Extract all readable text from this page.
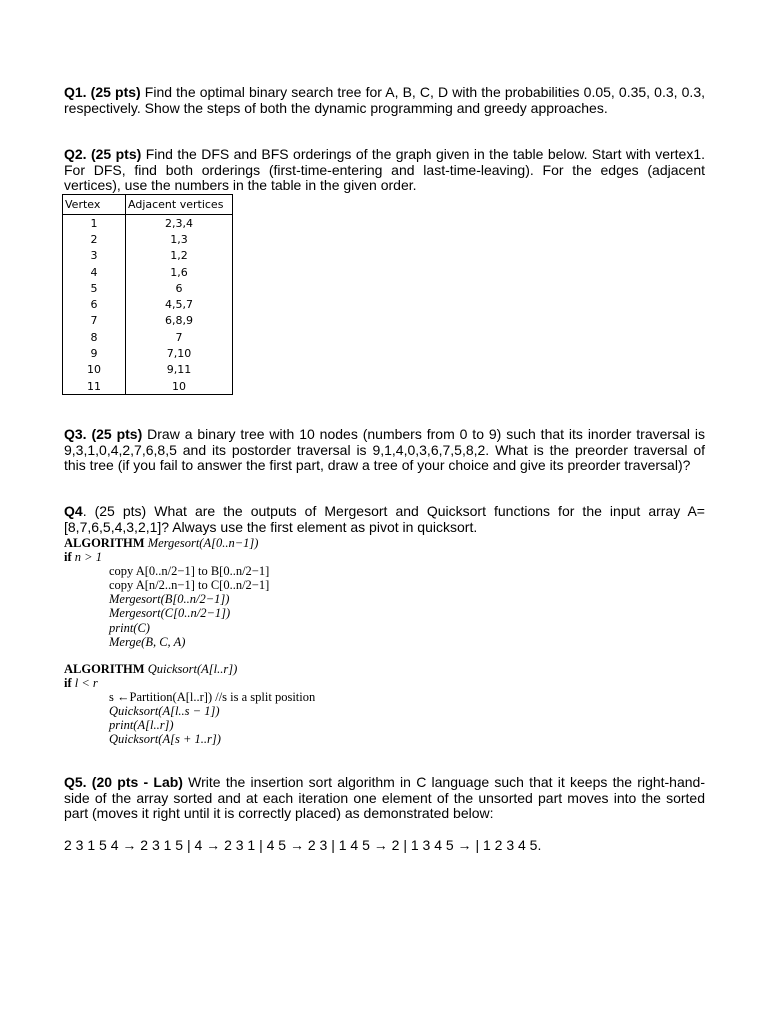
Q1. (25 pts) Find the optimal binary search tree for A, B, C, D with the probabilities 0.05, 0.35, 0.3, 0.3, respectively. Show the steps of both the dynamic programming and greedy approaches.
Q2. (25 pts) Find the DFS and BFS orderings of the graph given in the table below. Start with vertex1. For DFS, find both orderings (first-time-entering and last-time-leaving). For the edges (adjacent vertices), use the numbers in the table in the given order.
Vertex	Adjacent vertices
1	2,3,4
2	1,3
3	1,2
4	1,6
5	6
6	4,5,7
7	6,8,9
8	7
9	7,10
10	9,11
11	10
Q3. (25 pts) Draw a binary tree with 10 nodes (numbers from 0 to 9) such that its inorder traversal is 9,3,1,0,4,2,7,6,8,5 and its postorder traversal is 9,1,4,0,3,6,7,5,8,2. What is the preorder traversal of this tree (if you fail to answer the first part, draw a tree of your choice and give its preorder traversal)?
Q4. (25 pts) What are the outputs of Mergesort and Quicksort functions for the input array A=[8,7,6,5,4,3,2,1]? Always use the first element as pivot in quicksort.
ALGORITHM Mergesort(A[0..n−1])
if n > 1
copy A[0..n/2−1] to B[0..n/2−1]
copy A[n/2..n−1] to C[0..n/2−1]
Mergesort(B[0..n/2−1])
Mergesort(C[0..n/2−1])
print(C)
Merge(B, C, A)
ALGORITHM Quicksort(A[l..r])
if l < r
s ←Partition(A[l..r]) //s is a split position
Quicksort(A[l..s − 1])
print(A[l..r])
Quicksort(A[s + 1..r])
Q5. (20 pts - Lab) Write the insertion sort algorithm in C language such that it keeps the right-hand-side of the array sorted and at each iteration one element of the unsorted part moves into the sorted part (moves it right until it is correctly placed) as demonstrated below:
2 3 1 5 4 → 2 3 1 5 | 4 → 2 3 1 | 4 5 → 2 3 | 1 4 5 → 2 | 1 3 4 5 → | 1 2 3 4 5.
